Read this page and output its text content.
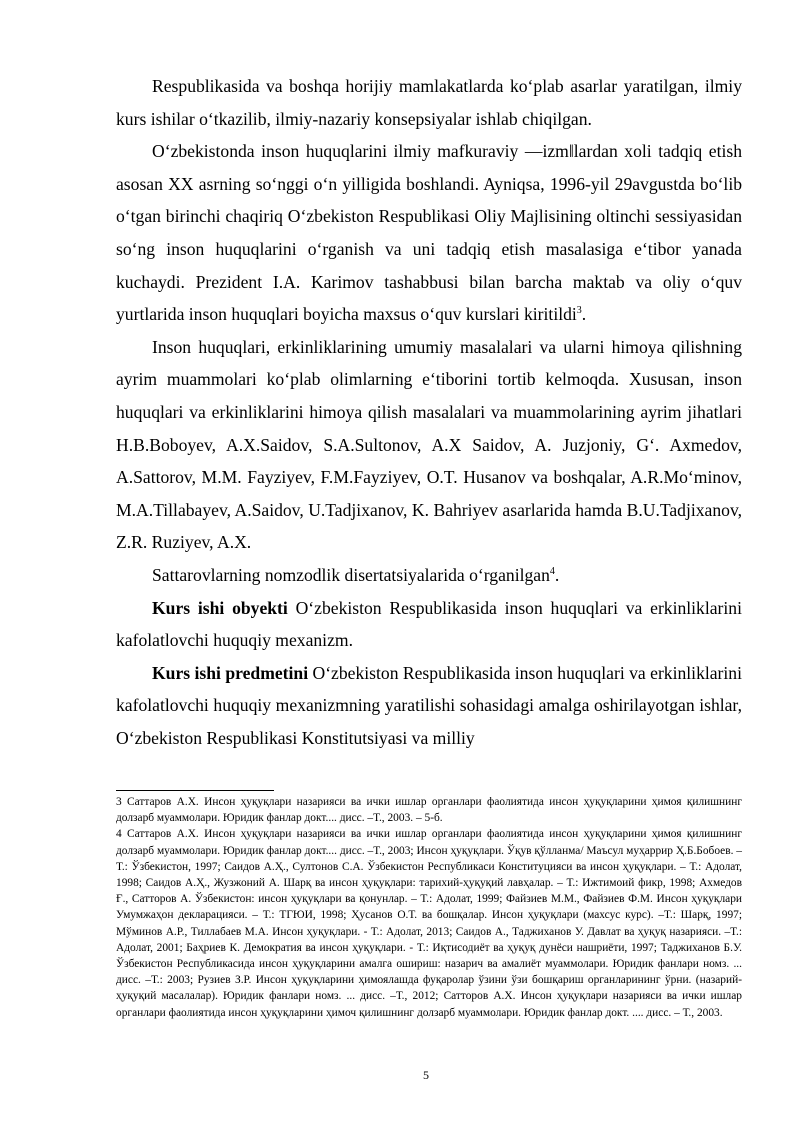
Respublikasida va boshqa horijiy mamlakatlarda ko‘plab asarlar yaratilgan, ilmiy kurs ishilar o‘tkazilib, ilmiy-nazariy konsepsiyalar ishlab chiqilgan.

O‘zbekistonda inson huquqlarini ilmiy mafkuraviy ―izmǁlardan xoli tadqiq etish asosan XX asrning so‘nggi o‘n yilligida boshlandi. Ayniqsa, 1996-yil 29avgustda bo‘lib o‘tgan birinchi chaqiriq O‘zbekiston Respublikasi Oliy Majlisining oltinchi sessiyasidan so‘ng inson huquqlarini o‘rganish va uni tadqiq etish masalasiga e‘tibor yanada kuchaydi. Prezident I.A. Karimov tashabbusi bilan barcha maktab va oliy o‘quv yurtlarida inson huquqlari boyicha maxsus o‘quv kurslari kiritildi$^3$.

Inson huquqlari, erkinliklarining umumiy masalalari va ularni himoya qilishning ayrim muammolari ko‘plab olimlarning e‘tiborini tortib kelmoqda. Xususan, inson huquqlari va erkinliklarini himoya qilish masalalari va muammolarining ayrim jihatlari H.B.Boboyev, A.X.Saidov, S.A.Sultonov, A.X Saidov, A. Juzjoniy, G‘. Axmedov, A.Sattorov, M.M. Fayziyev, F.M.Fayziyev, O.T. Husanov va boshqalar, A.R.Mo‘minov, M.A.Tillabayev, A.Saidov, U.Tadjixanov, K. Bahriyev asarlarida hamda B.U.Tadjixanov, Z.R. Ruziyev, A.X.

Sattarovlarning nomzodlik disertatsiyalarida o‘rganilgan$^4$.

Kurs ishi obyekti O‘zbekiston Respublikasida inson huquqlari va erkinliklarini kafolatlovchi huquqiy mexanizm.

Kurs ishi predmetini O‘zbekiston Respublikasida inson huquqlari va erkinliklarini kafolatlovchi huquqiy mexanizmning yaratilishi sohasidagi amalga oshirilayotgan ishlar, O‘zbekiston Respublikasi Konstitutsiyasi va milliy

3 Саттаров А.Х. Инсон ҳуқуқлари назарияси ва ички ишлар органлари фаолиятида инсон ҳуқуқларини ҳимоя қилишнинг долзарб муаммолари. Юридик фанлар докт.... дисс. –Т., 2003. – 5-б.

4 Саттаров А.Х. Инсон ҳуқуқлари назарияси ва ички ишлар органлари фаолиятида инсон ҳуқуқларини ҳимоя қилишнинг долзарб муаммолари. Юридик фанлар докт.... дисс. –Т., 2003; Инсон ҳуқуқлари. Ўқув қўлланма/ Маъсул муҳаррир Ҳ.Б.Бобоев. – Т.: Ўзбекистон, 1997; Саидов А.Ҳ., Султонов С.А. Ўзбекистон Республикаси Конституцияси ва инсон ҳуқуқлари. – Т.: Адолат, 1998; Саидов А.Ҳ., Жузжоний А. Шарқ ва инсон ҳуқуқлари: тарихий-ҳуқуқий лавҳалар. – Т.: Ижтимоий фикр, 1998; Ахмедов Ғ., Сатторов А. Ўзбекистон: инсон ҳуқуқлари ва қонунлар. – Т.: Адолат, 1999; Файзиев М.М., Файзиев Ф.М. Инсон ҳуқуқлари Умумжаҳон декларацияси. – Т.: ТГЮИ, 1998; Ҳусанов О.Т. ва бошқалар. Инсон ҳуқуқлари (махсус курс). –Т.: Шарқ, 1997; Мўминов А.Р., Тиллабаев М.А. Инсон ҳуқуқлари. - Т.: Адолат, 2013; Саидов А., Таджиханов У. Давлат ва ҳуқуқ назарияси. –Т.: Адолат, 2001; Баҳриев К. Демократия ва инсон ҳуқуқлари. - Т.: Иқтисодиёт ва ҳуқуқ дунёси нашриёти, 1997; Таджиханов Б.У. Ўзбекистон Республикасида инсон ҳуқуқларини амалга ошириш: назарич ва амалиёт муаммолари. Юридик фанлари номз. ... дисс. –Т.: 2003; Рузиев З.Р. Инсон ҳуқуқларини ҳимоялашда фуқаролар ўзини ўзи бошқариш органларининг ўрни. (назарий-ҳуқуқий масалалар). Юридик фанлари номз. ... дисс. –Т., 2012; Сатторов А.Х. Инсон ҳуқуқлари назарияси ва ички ишлар органлари фаолиятида инсон ҳуқуқларини ҳимоч қилишнинг долзарб муаммолари. Юридик фанлар докт. .... дисс. – Т., 2003.

5
